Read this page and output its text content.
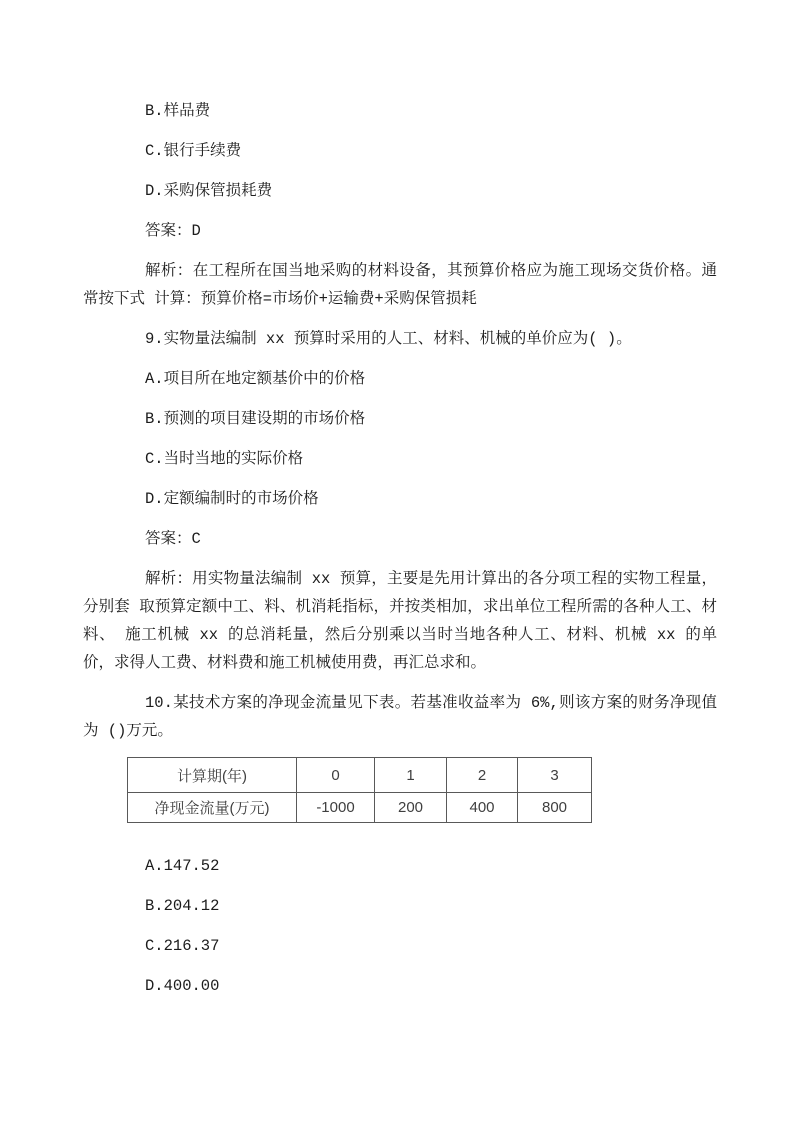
B.样品费

C.银行手续费

D.采购保管损耗费

答案：D

解析：在工程所在国当地采购的材料设备，其预算价格应为施工现场交货价格。通常按下式 计算：预算价格=市场价+运输费+采购保管损耗

9.实物量法编制 xx 预算时采用的人工、材料、机械的单价应为( )。

A.项目所在地定额基价中的价格

B.预测的项目建设期的市场价格

C.当时当地的实际价格

D.定额编制时的市场价格

答案：C

解析：用实物量法编制 xx 预算，主要是先用计算出的各分项工程的实物工程量，分别套 取预算定额中工、料、机消耗指标，并按类相加，求出单位工程所需的各种人工、材料、 施工机械 xx 的总消耗量，然后分别乘以当时当地各种人工、材料、机械 xx 的单价，求得人工费、材料费和施工机械使用费，再汇总求和。

10.某技术方案的净现金流量见下表。若基准收益率为 6%,则该方案的财务净现值为 ()万元。

计算期(年)	0	1	2	3
净现金流量(万元)	-1000	200	400	800

A.147.52

B.204.12

C.216.37

D.400.00
